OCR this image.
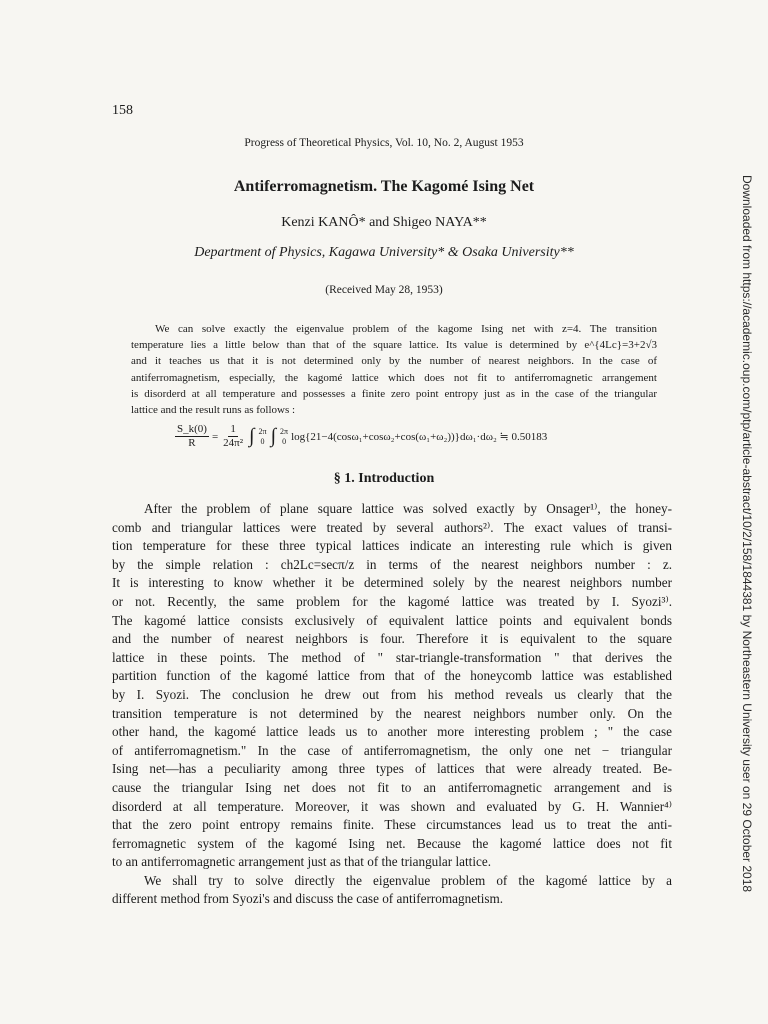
158
Progress of Theoretical Physics, Vol. 10, No. 2, August 1953
Antiferromagnetism. The Kagomé Ising Net
Kenzi KANÔ* and Shigeo NAYA**
Department of Physics, Kagawa University* & Osaka University**
(Received May 28, 1953)
We can solve exactly the eigenvalue problem of the kagome Ising net with z=4. The transition
temperature lies a little below than that of the square lattice. Its value is determined by e^{4Lc}=3+2√3
and it teaches us that it is not determined only by the number of nearest neighbors. In the case of
antiferromagnetism, especially, the kagomé lattice which does not fit to antiferromagnetic arrangement
is disorderd at all temperature and possesses a finite zero point entropy just as in the case of the triangular
lattice and the result runs as follows :
$\frac{S\_k(0)}{R} = \frac{1}{\text{24π²}}$ ∫ 2π
0 ∫ 2π
0 log{21−4(cosω₁+cosω₂+cos(ω₁+ω₂))}dω₁·dω₂ ≒ 0.50183
§ 1. Introduction
After the problem of plane square lattice was solved exactly by Onsager¹⁾, the honey-
comb and triangular lattices were treated by several authors²⁾. The exact values of transi-
tion temperature for these three typical lattices indicate an interesting rule which is given
by the simple relation : ch2Lc=secπ/z in terms of the nearest neighbors number : z.
It is interesting to know whether it be determined solely by the nearest neighbors number
or not. Recently, the same problem for the kagomé lattice was treated by I. Syozi³⁾.
The kagomé lattice consists exclusively of equivalent lattice points and equivalent bonds
and the number of nearest neighbors is four. Therefore it is equivalent to the square
lattice in these points. The method of " star-triangle-transformation " that derives the
partition function of the kagomé lattice from that of the honeycomb lattice was established
by I. Syozi. The conclusion he drew out from his method reveals us clearly that the
transition temperature is not determined by the nearest neighbors number only. On the
other hand, the kagomé lattice leads us to another more interesting problem ; " the case
of antiferromagnetism." In the case of antiferromagnetism, the only one net − triangular
Ising net—has a peculiarity among three types of lattices that were already treated. Be-
cause the triangular Ising net does not fit to an antiferromagnetic arrangement and is
disorderd at all temperature. Moreover, it was shown and evaluated by G. H. Wannier⁴⁾
that the zero point entropy remains finite. These circumstances lead us to treat the anti-
ferromagnetic system of the kagomé Ising net. Because the kagomé lattice does not fit
to an antiferromagnetic arrangement just as that of the triangular lattice.
We shall try to solve directly the eigenvalue problem of the kagomé lattice by a
different method from Syozi's and discuss the case of antiferromagnetism.
Downloaded from https://academic.oup.com/ptp/article-abstract/10/2/158/1844381 by Northeastern University user on 29 October 2018
